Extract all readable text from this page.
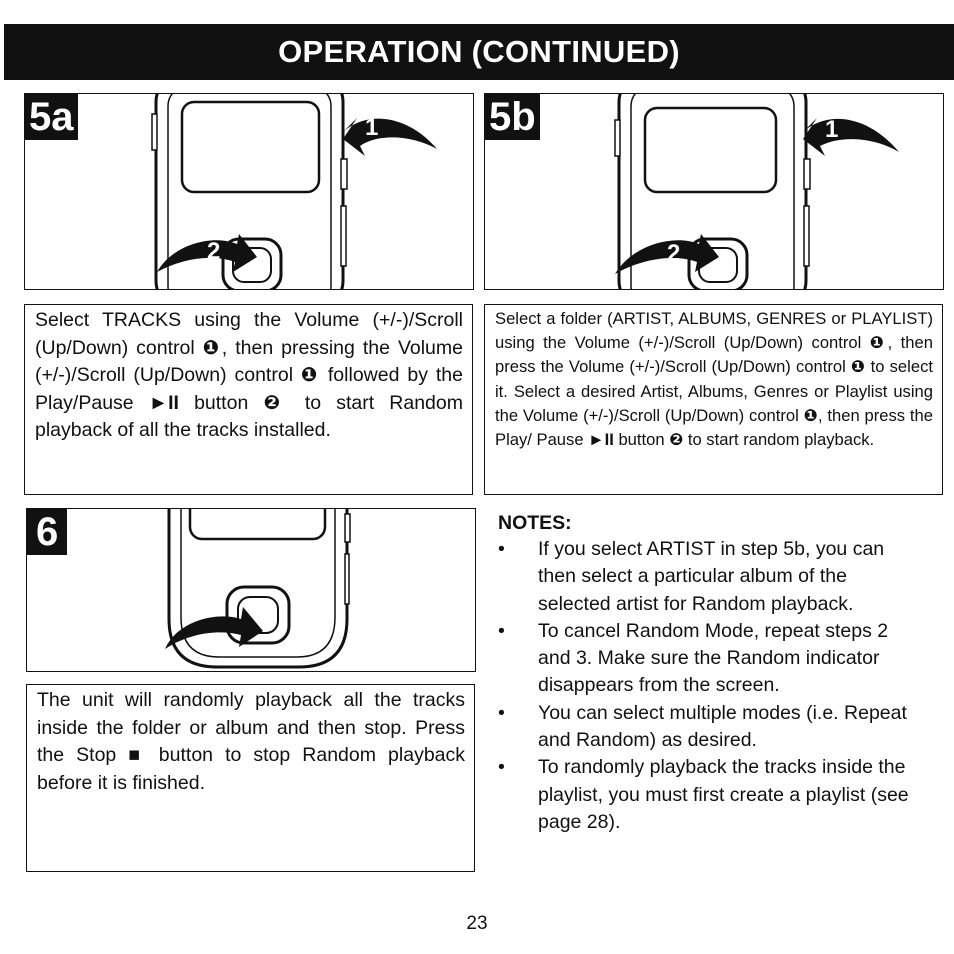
OPERATION (CONTINUED)
5a	1
2
5b	1
2

Select TRACKS using the Volume (+/-)/Scroll (Up/Down) control ❶, then pressing the Volume (+/-)/Scroll (Up/Down) control ❶ followed by the Play/Pause ►II button ❷ to start Random playback of all the tracks installed.

Select a folder (ARTIST, ALBUMS, GENRES or PLAYLIST) using the Volume (+/-)/Scroll (Up/Down) control ❶, then press the Volume (+/-)/Scroll (Up/Down) control ❶ to select it. Select a desired Artist, Albums, Genres or Playlist using the Volume (+/-)/Scroll (Up/Down) control ❶, then press the Play/ Pause ►II button ❷ to start random playback.

6

The unit will randomly playback all the tracks inside the folder or album and then stop. Press the Stop ■ button to stop Random playback before it is finished.

NOTES:
• If you select ARTIST in step 5b, you can then select a particular album of the selected artist for Random playback.
• To cancel Random Mode, repeat steps 2 and 3. Make sure the Random indicator disappears from the screen.
• You can select multiple modes (i.e. Repeat and Random) as desired.
• To randomly playback the tracks inside the playlist, you must first create a playlist (see page 28).
23
